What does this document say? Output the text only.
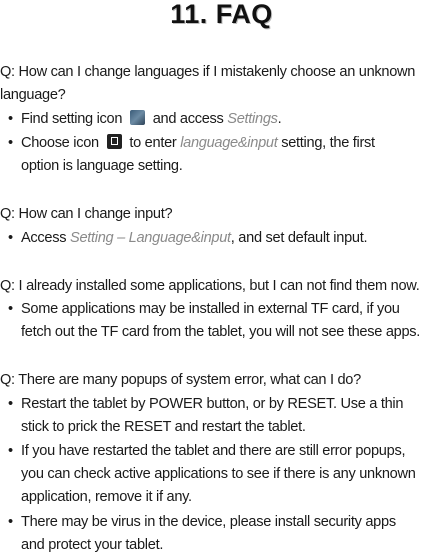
11. FAQ
Q: How can I change languages if I mistakenly choose an unknown
language?
• Find setting icon and access Settings.
• Choose icon to enter language&input setting, the first
option is language setting.
Q: How can I change input?
• Access Setting – Language&input, and set default input.
Q: I already installed some applications, but I can not find them now.
• Some applications may be installed in external TF card, if you
fetch out the TF card from the tablet, you will not see these apps.
Q: There are many popups of system error, what can I do?
• Restart the tablet by POWER button, or by RESET. Use a thin
stick to prick the RESET and restart the tablet.
• If you have restarted the tablet and there are still error popups,
you can check active applications to see if there is any unknown
application, remove it if any.
• There may be virus in the device, please install security apps
and protect your tablet.
